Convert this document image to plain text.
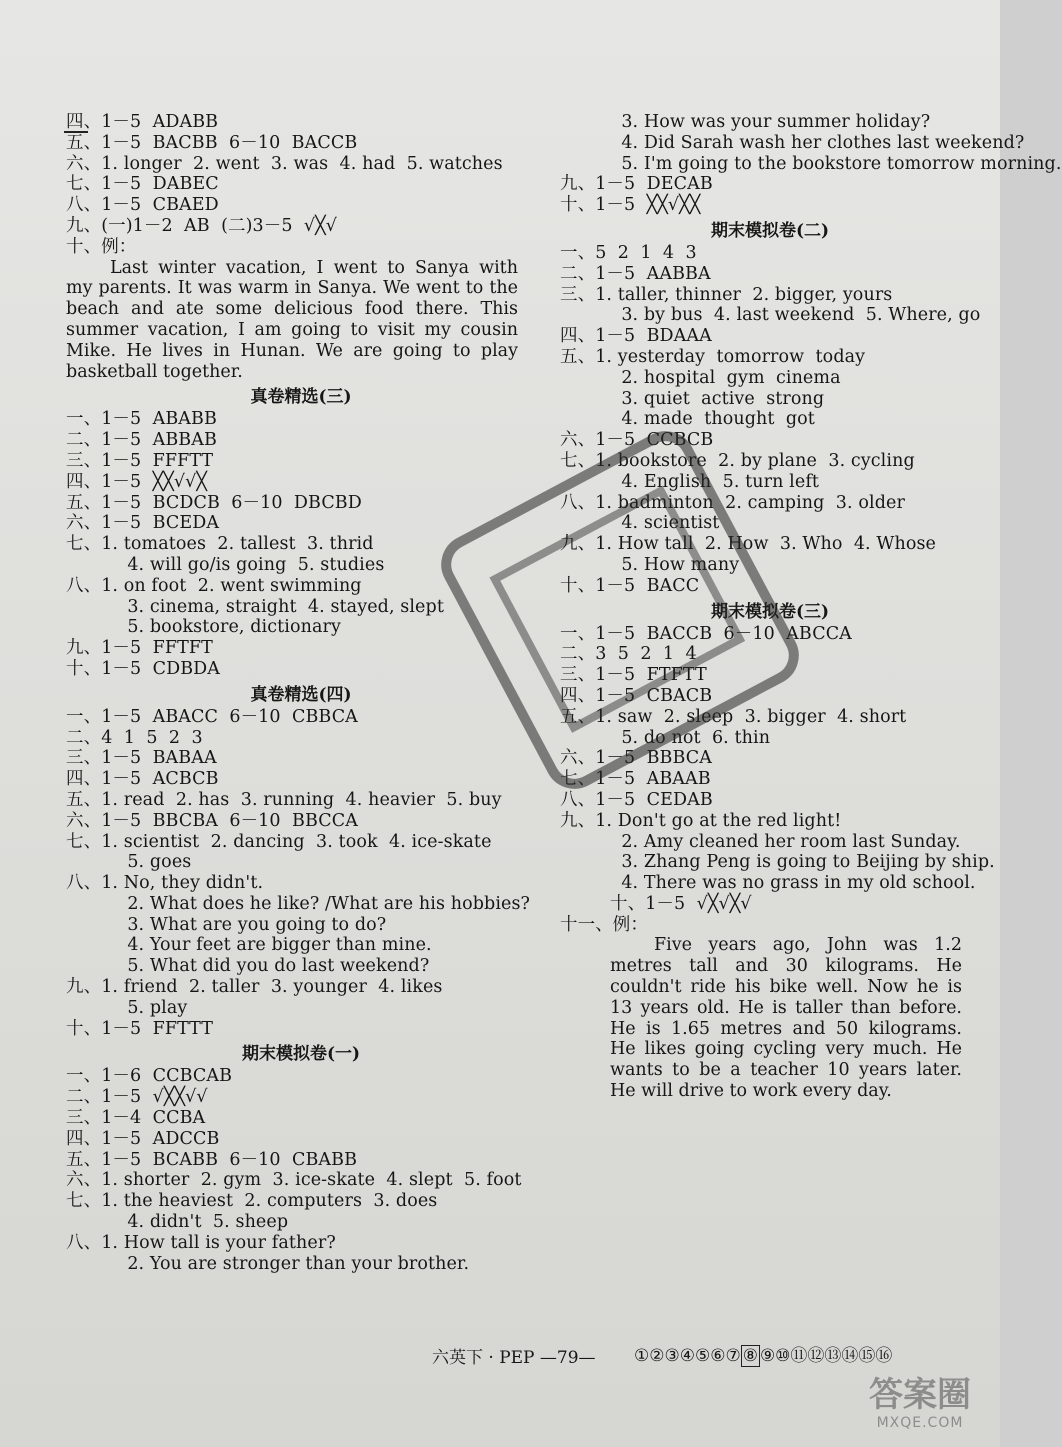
四、1－5  ADABB
五、1－5  BACBB  6－10  BACCB
六、1. longer  2. went  3. was  4. had  5. watches
七、1－5  DABEC
八、1－5  CBAED
九、(一)1－2  AB  (二)3－5  √╳√
十、例：
Last winter vacation, I went to Sanya with my parents. It was warm in Sanya. We went to the beach and ate some delicious food there. This summer vacation, I am going to visit my cousin Mike. He lives in Hunan. We are going to play basketball together.
真卷精选(三)
一、1－5  ABABB
二、1－5  ABBAB
三、1－5  FFFTT
四、1－5  ╳╳√√╳
五、1－5  BCDCB  6－10  DBCBD
六、1－5  BCEDA
七、1. tomatoes  2. tallest  3. thrid
4. will go/is going  5. studies
八、1. on foot  2. went swimming
3. cinema, straight  4. stayed, slept
5. bookstore, dictionary
九、1－5  FFTFT
十、1－5  CDBDA
真卷精选(四)
一、1－5  ABACC  6－10  CBBCA
二、4  1  5  2  3
三、1－5  BABAA
四、1－5  ACBCB
五、1. read  2. has  3. running  4. heavier  5. buy
六、1－5  BBCBA  6－10  BBCCA
七、1. scientist  2. dancing  3. took  4. ice-skate
5. goes
八、1. No, they didn't.
2. What does he like? /What are his hobbies?
3. What are you going to do?
4. Your feet are bigger than mine.
5. What did you do last weekend?
九、1. friend  2. taller  3. younger  4. likes
5. play
十、1－5  FFTTT
期末模拟卷(一)
一、1－6  CCBCAB
二、1－5  √╳╳√√
三、1－4  CCBA
四、1－5  ADCCB
五、1－5  BCABB  6－10  CBABB
六、1. shorter  2. gym  3. ice-skate  4. slept  5. foot
七、1. the heaviest  2. computers  3. does
4. didn't  5. sheep
八、1. How tall is your father?
2. You are stronger than your brother.
3. How was your summer holiday?
4. Did Sarah wash her clothes last weekend?
5. I'm going to the bookstore tomorrow morning.
九、1－5  DECAB
十、1－5  ╳╳√╳╳
期末模拟卷(二)
一、5  2  1  4  3
二、1－5  AABBA
三、1. taller, thinner  2. bigger, yours
3. by bus  4. last weekend  5. Where, go
四、1－5  BDAAA
五、1. yesterday  tomorrow  today
2. hospital  gym  cinema
3. quiet  active  strong
4. made  thought  got
六、1－5  CCBCB
七、1. bookstore  2. by plane  3. cycling
4. English  5. turn left
八、1. badminton  2. camping  3. older
4. scientist
九、1. How tall  2. How  3. Who  4. Whose
5. How many
十、1－5  BACC
期末模拟卷(三)
一、1－5  BACCB  6－10  ABCCA
二、3  5  2  1  4
三、1－5  FTFTT
四、1－5  CBACB
五、1. saw  2. sleep  3. bigger  4. short
5. do not  6. thin
六、1－5  BBBCA
七、1－5  ABAAB
八、1－5  CEDAB
九、1. Don't go at the red light!
2. Amy cleaned her room last Sunday.
3. Zhang Peng is going to Beijing by ship.
4. There was no grass in my old school.
十、1－5  √╳√╳√
十一、例：
Five years ago, John was 1.2 metres tall and 30 kilograms. He couldn't ride his bike well. Now he is 13 years old. He is taller than before. He is 1.65 metres and 50 kilograms. He likes going cycling very much. He wants to be a teacher 10 years later. He will drive to work every day.
六英下 · PEP —79— ①②③④⑤⑥⑦ ⑧ ⑨⑩⑪⑫⑬⑭⑮⑯
答案圈
MXQE.COM
